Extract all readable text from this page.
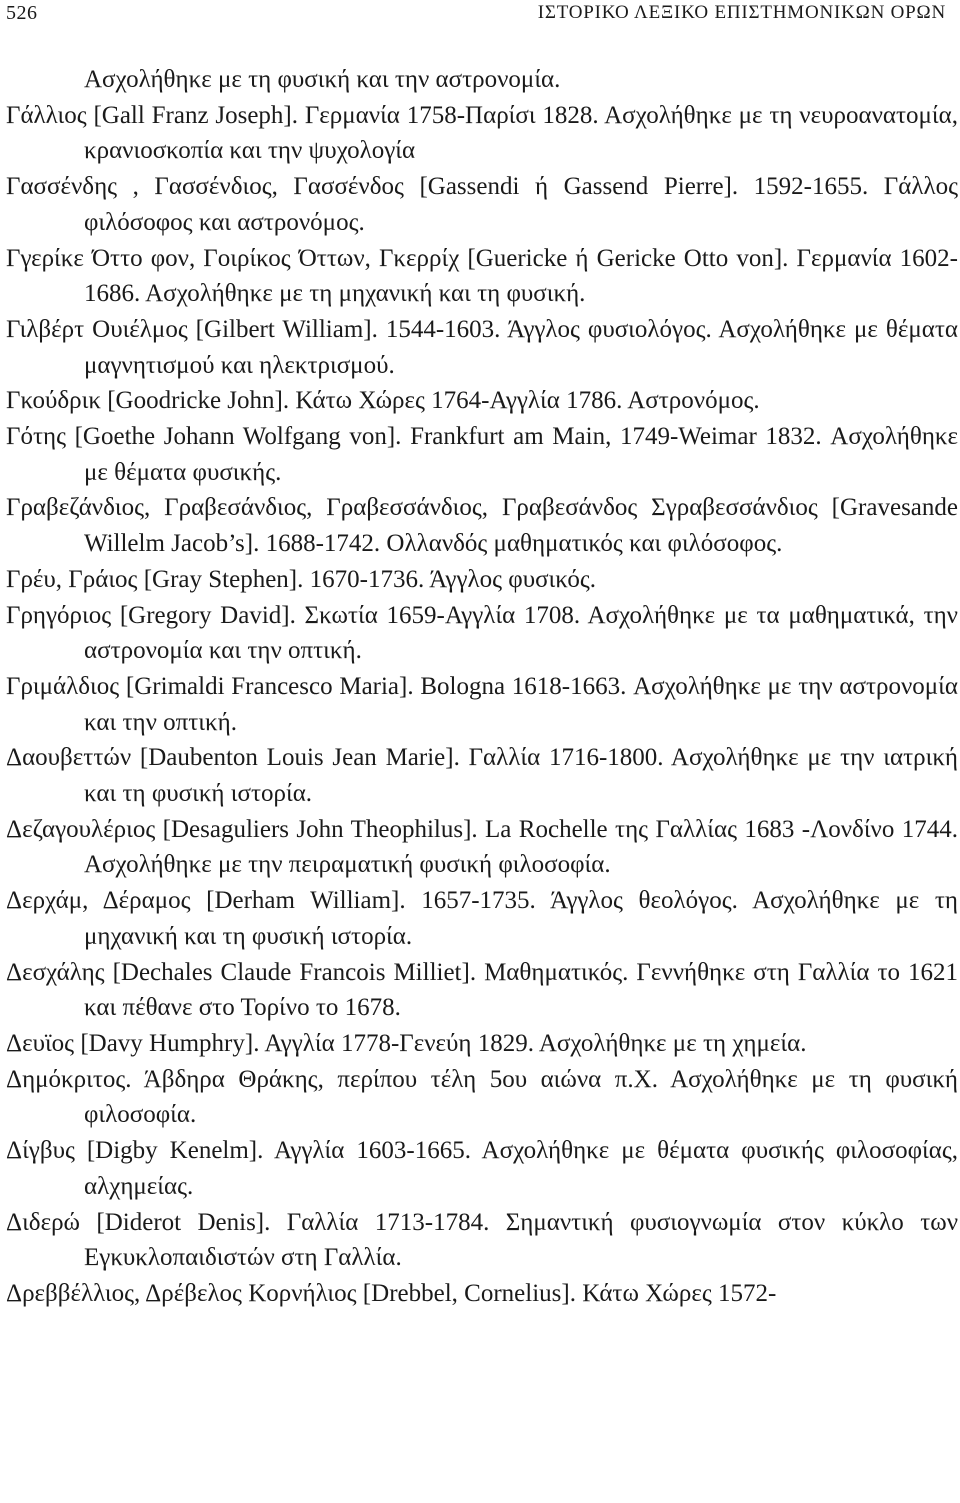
526	ΙΣΤΟΡΙΚΟ ΛΕΞΙΚΟ ΕΠΙΣΤΗΜΟΝΙΚΩΝ ΟΡΩΝ
Ασχολήθηκε με τη φυσική και την αστρονομία.
Γάλλιος [Gall Franz Joseph]. Γερμανία 1758-Παρίσι 1828. Ασχολήθηκε με τη νευροανατομία, κρανιοσκοπία και την ψυχολογία
Γασσένδης , Γασσένδιος, Γασσένδος [Gassendi ή Gassend Pierre]. 1592-1655. Γάλλος φιλόσοφος και αστρονόμος.
Γγερίκε Όττο φον, Γοιρίκος Όττων, Γκερρίχ [Guericke ή Gericke Otto von]. Γερμανία 1602-1686. Ασχολήθηκε με τη μηχανική και τη φυσική.
Γιλβέρτ Ουιέλμος [Gilbert William]. 1544-1603. Άγγλος φυσιολόγος. Ασχολήθηκε με θέματα μαγνητισμού και ηλεκτρισμού.
Γκούδρικ [Goodricke John]. Κάτω Χώρες 1764-Αγγλία 1786. Αστρονόμος.
Γότης [Goethe Johann Wolfgang von]. Frankfurt am Main, 1749-Weimar 1832. Ασχολήθηκε με θέματα φυσικής.
Γραβεζάνδιος, Γραβεσάνδιος, Γραβεσσάνδιος, Γραβεσάνδος Σγραβεσσάνδιος [Gravesande Willelm Jacob’s]. 1688-1742. Ολλανδός μαθηματικός και φιλόσοφος.
Γρέυ, Γράιος [Gray Stephen]. 1670-1736. Άγγλος φυσικός.
Γρηγόριος [Gregory David]. Σκωτία 1659-Αγγλία 1708. Ασχολήθηκε με τα μαθηματικά, την αστρονομία και την οπτική.
Γριμάλδιος [Grimaldi Francesco Maria]. Bologna 1618-1663. Ασχολήθηκε με την αστρονομία και την οπτική.
Δαουβεττών [Daubenton Louis Jean Marie]. Γαλλία 1716-1800. Ασχολήθηκε με την ιατρική και τη φυσική ιστορία.
Δεζαγουλέριος [Desaguliers John Theophilus]. La Rochelle της Γαλλίας 1683 -Λονδίνο 1744. Ασχολήθηκε με την πειραματική φυσική φιλοσοφία.
Δερχάμ, Δέραμος [Derham William]. 1657-1735. Άγγλος θεολόγος. Ασχολήθηκε με τη μηχανική και τη φυσική ιστορία.
Δεσχάλης [Dechales Claude Francois Milliet]. Μαθηματικός. Γεννήθηκε στη Γαλλία το 1621 και πέθανε στο Τορίνο το 1678.
Δευϊος [Davy Humphry]. Αγγλία 1778-Γενεύη 1829. Ασχολήθηκε με τη χημεία.
Δημόκριτος. Άβδηρα Θράκης, περίπου τέλη 5ου αιώνα π.Χ. Ασχολήθηκε με τη φυσική φιλοσοφία.
Δίγβυς [Digby Kenelm]. Αγγλία 1603-1665. Ασχολήθηκε με θέματα φυσικής φιλοσοφίας, αλχημείας.
Διδερώ [Diderot Denis]. Γαλλία 1713-1784. Σημαντική φυσιογνωμία στον κύκλο των Εγκυκλοπαιδιστών στη Γαλλία.
Δρεββέλλιος, Δρέβελος Κορνήλιος [Drebbel, Cornelius]. Κάτω Χώρες 1572-
